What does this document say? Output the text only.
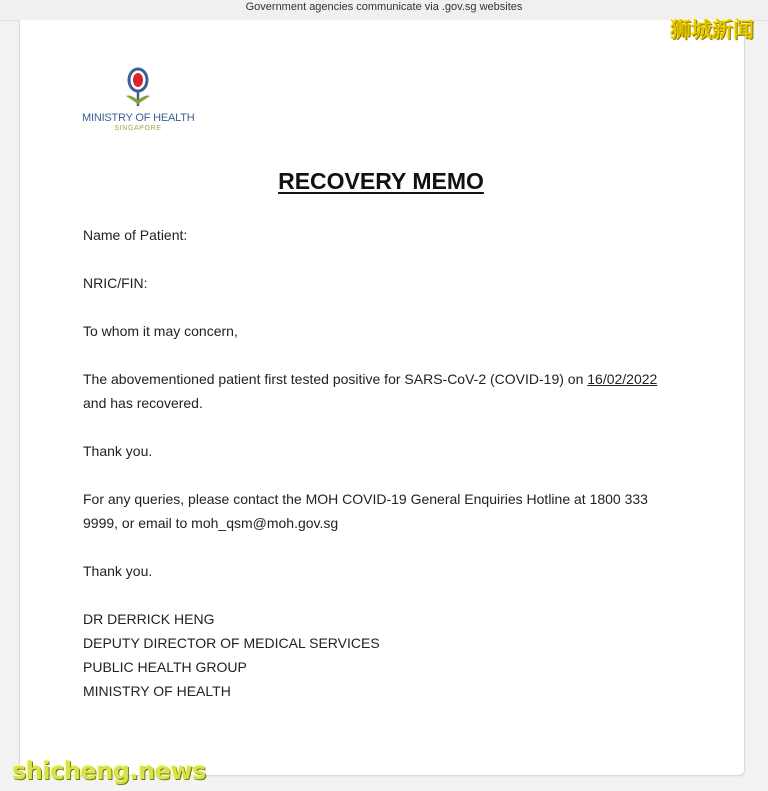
Government agencies communicate via .gov.sg websites
MINISTRY OF HEALTH
SINGAPORE
RECOVERY MEMO
Name of Patient:
NRIC/FIN:
To whom it may concern,
The abovementioned patient first tested positive for SARS-CoV-2 (COVID-19) on 16/02/2022
and has recovered.
Thank you.
For any queries, please contact the MOH COVID-19 General Enquiries Hotline at 1800 333
9999, or email to moh_qsm@moh.gov.sg
Thank you.
DR DERRICK HENG
DEPUTY DIRECTOR OF MEDICAL SERVICES
PUBLIC HEALTH GROUP
MINISTRY OF HEALTH
狮城新闻
shicheng.news
